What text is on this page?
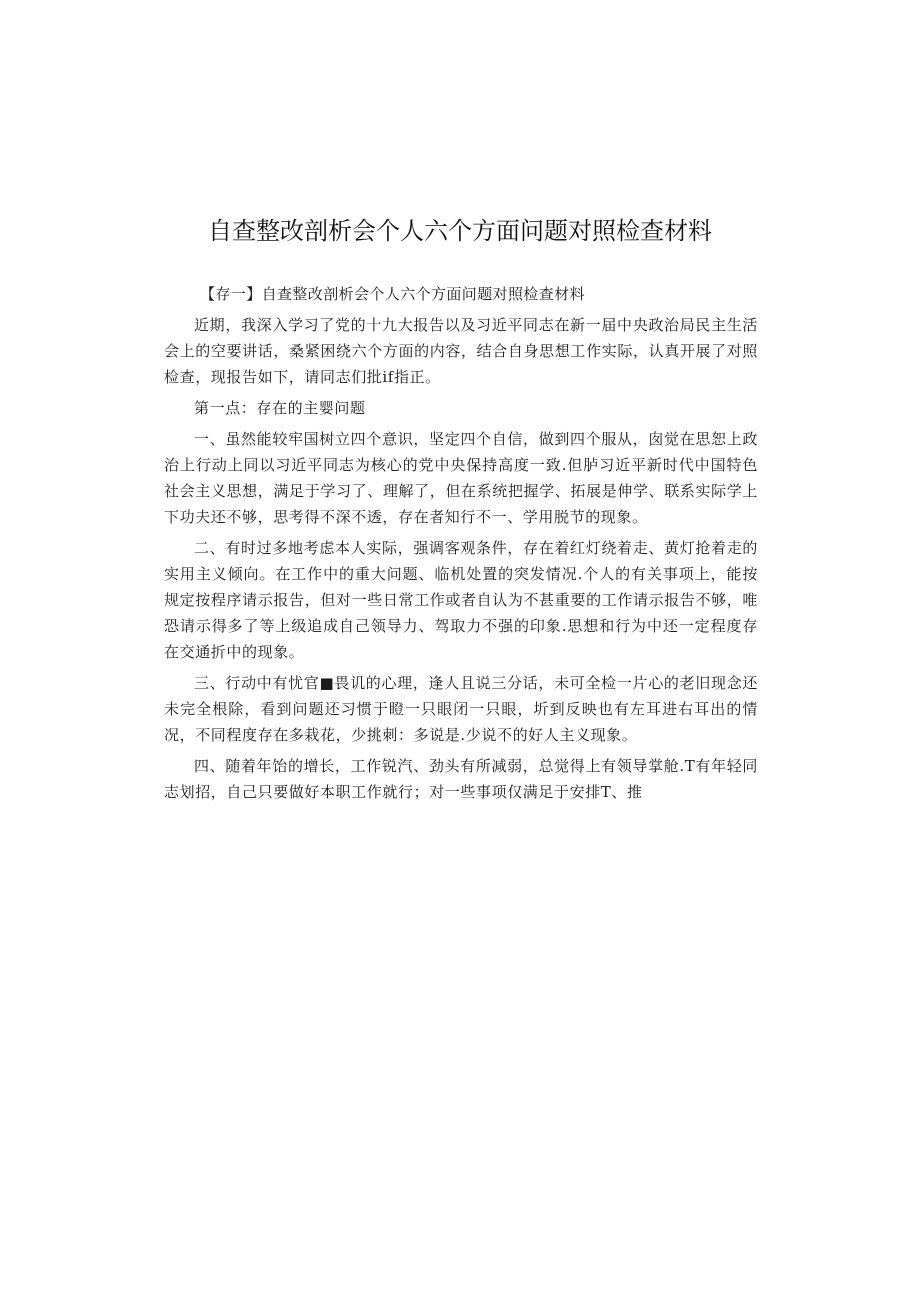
自查整改剖析会个人六个方面问题对照检查材料

【存一】自查整改剖析会个人六个方面问题对照检查材料

近期，我深入学习了党的十九大报告以及习近平同志在新一届中央政治局民主生活会上的空要讲话，桑紧困绕六个方面的内容，结合自身思想工作实际，认真开展了对照检查，现报告如下，请同志们批if指正。

第一点：存在的主婴问题

一、虽然能较牢国树立四个意识，坚定四个自信，做到四个服从，囱觉在思恕上政治上行动上同以习近平同志为核心的党中央保持高度一致.但胪习近平新时代中国特色社会主义思想，满足于学习了、理解了，但在系统把握学、拓展是伸学、联系实际学上下功夫还不够，思考得不深不透，存在者知行不一、学用脱节的现象。

二、有时过多地考虑本人实际，强调客观条件，存在着红灯绕着走、黄灯抢着走的实用主义倾向。在工作中的重大问题、临机处置的突发情况.个人的有关事项上，能按规定按程序请示报告，但对一些日常工作或者自认为不甚重要的工作请示报告不够，唯恐请示得多了等上级追成自己领导力、驾取力不强的印象.思想和行为中还一定程度存在交通折中的现象。

三、行动中有忧官■畏讥的心理，逢人且说三分话，未可全检一片心的老旧现念还未完全根除，看到问题还习惯于瞪一只眼闭一只眼，圻到反映也有左耳进右耳出的情况，不同程度存在多栽花，少挑刺：多说是.少说不的好人主义现象。

四、随着年饴的增长，工作锐汽、劲头有所减弱，总觉得上有领导掌舱.T有年轻同志划招，自己只要做好本职工作就行；对一些事项仅满足于安排T、推
